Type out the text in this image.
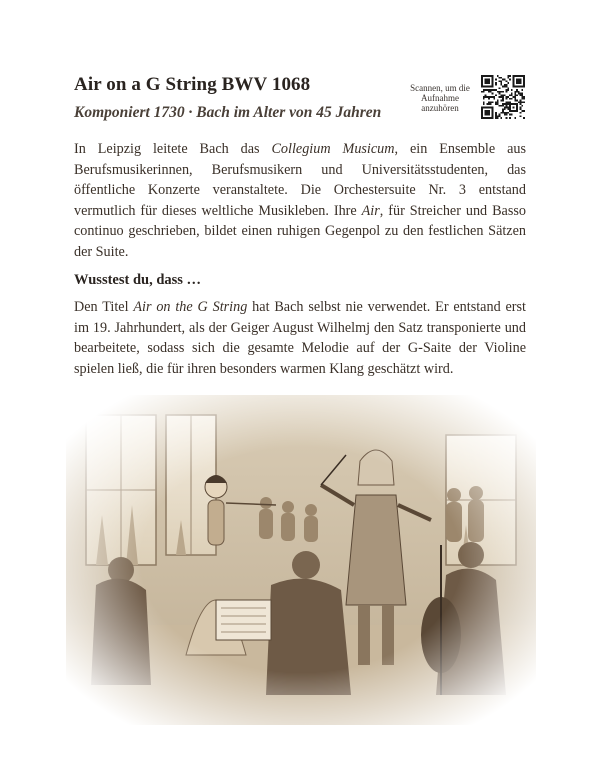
Air on a G String BWV 1068
Komponiert 1730 · Bach im Alter von 45 Jahren
Scannen, um die Aufnahme anzuhören

In Leipzig leitete Bach das Collegium Musicum, ein Ensemble aus Berufsmusikerinnen, Berufsmusikern und Universitätsstudenten, das öffentliche Konzerte veranstaltete. Die Orchestersuite Nr. 3 entstand vermutlich für dieses weltliche Musikleben. Ihre Air, für Streicher und Basso continuo geschrieben, bildet einen ruhigen Gegenpol zu den festlichen Sätzen der Suite.

Wusstest du, dass …

Den Titel Air on the G String hat Bach selbst nie verwendet. Er entstand erst im 19. Jahrhundert, als der Geiger August Wilhelmj den Satz transponierte und bearbeitete, sodass sich die gesamte Melodie auf der G-Saite der Violine spielen ließ, die für ihren besonders warmen Klang geschätzt wird.
